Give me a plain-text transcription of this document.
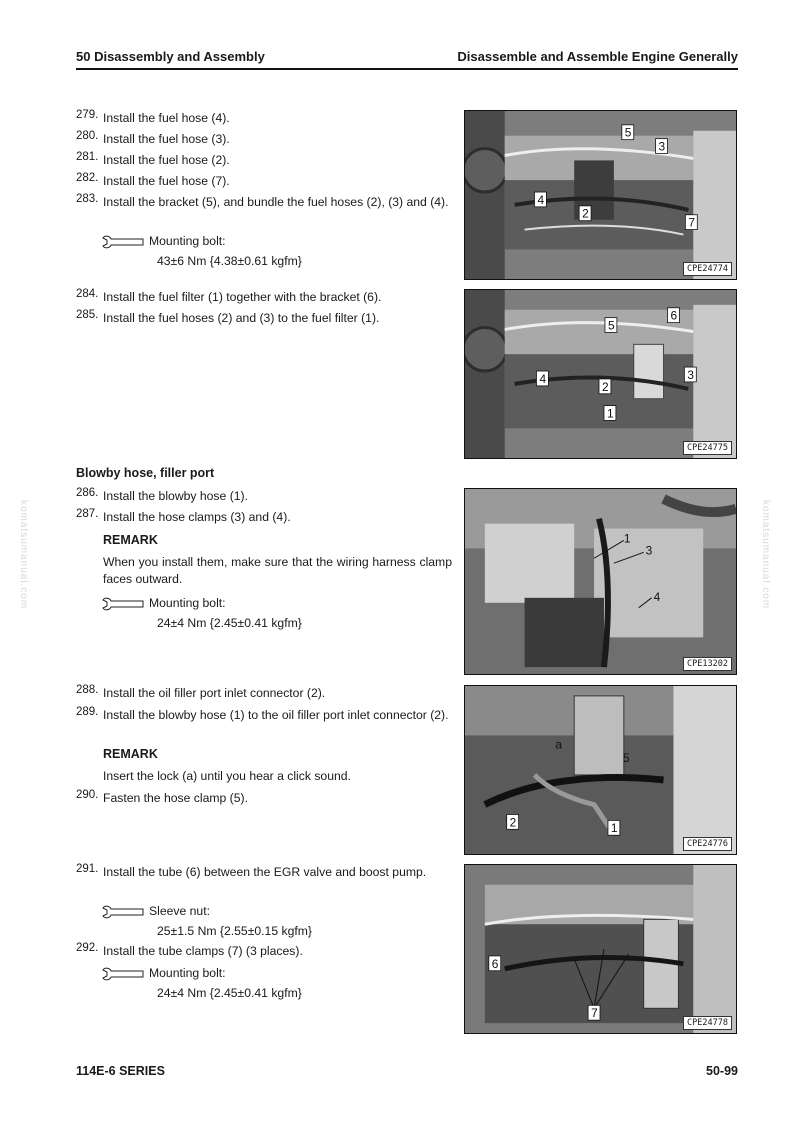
50 Disassembly and Assembly	Disassemble and Assemble Engine Generally
komatsumanual.com	komatsumanual.com
279. Install the fuel hose (4).
280. Install the fuel hose (3).
281. Install the fuel hose (2).
282. Install the fuel hose (7).
283. Install the bracket (5), and bundle the fuel hoses (2), (3) and (4).
Mounting bolt:
43±6 Nm {4.38±0.61 kgfm}
284. Install the fuel filter (1) together with the bracket (6).
285. Install the fuel hoses (2) and (3) to the fuel filter (1).
Blowby hose, filler port
286. Install the blowby hose (1).
287. Install the hose clamps (3) and (4).
REMARK
When you install them, make sure that the wiring harness clamp faces outward.
Mounting bolt:
24±4 Nm {2.45±0.41 kgfm}
288. Install the oil filler port inlet connector (2).
289. Install the blowby hose (1) to the oil filler port inlet connector (2).
REMARK
Insert the lock (a) until you hear a click sound.
290. Fasten the hose clamp (5).
291. Install the tube (6) between the EGR valve and boost pump.
Sleeve nut:
25±1.5 Nm {2.55±0.15 kgfm}
292. Install the tube clamps (7) (3 places).
Mounting bolt:
24±4 Nm {2.45±0.41 kgfm}
5
3
4
2
7
CPE24774
5
6
3
4
2
1
CPE24775
1
3
4
CPE13202
a
5
2	1
CPE24776
6
7
CPE24778
114E-6 SERIES	50-99
